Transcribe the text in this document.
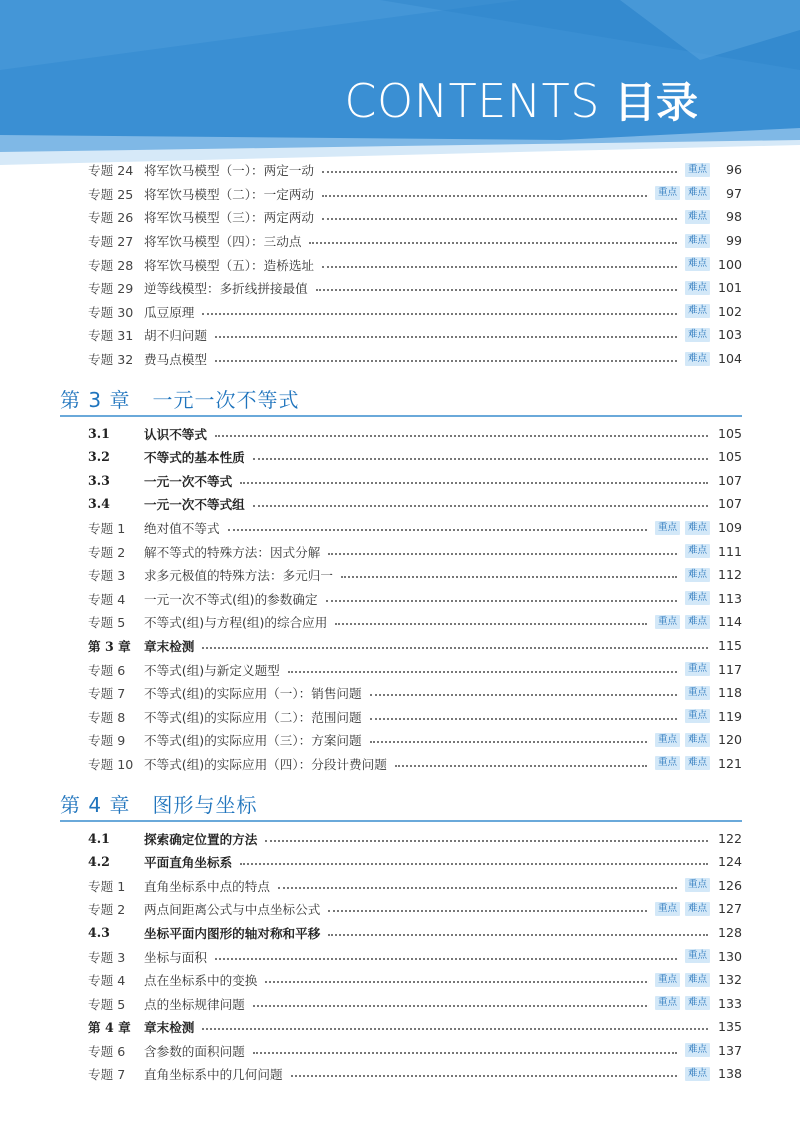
CONTENTS 目录
专题 24 将军饮马模型（一）：两定一动	重点	96
专题 25 将军饮马模型（二）：一定两动	重点	难点	97
专题 26 将军饮马模型（三）：两定两动	难点	98
专题 27 将军饮马模型（四）：三动点	难点	99
专题 28 将军饮马模型（五）：造桥选址	难点 100
专题 29 逆等线模型：多折线拼接最值	难点 101
专题 30 瓜豆原理	难点 102
专题 31 胡不归问题	难点 103
专题 32 费马点模型	难点 104
第 3 章 一元一次不等式
3.1	认识不等式	105
3.2	不等式的基本性质	105
3.3	一元一次不等式	107
3.4	一元一次不等式组	107
专题 1	绝对值不等式	重点	难点 109
专题 2	解不等式的特殊方法：因式分解	难点 111
专题 3	求多元极值的特殊方法：多元归一	难点 112
专题 4	一元一次不等式(组)的参数确定	难点 113
专题 5	不等式(组)与方程(组)的综合应用	重点	难点 114
第 3 章	章末检测	115
专题 6	不等式(组)与新定义题型	重点 117
专题 7	不等式(组)的实际应用（一）：销售问题	重点 118
专题 8	不等式(组)的实际应用（二）：范围问题	重点 119
专题 9	不等式(组)的实际应用（三）：方案问题	重点	难点 120
专题 10 不等式(组)的实际应用（四）：分段计费问题	重点	难点 121
第 4 章 图形与坐标
4.1	探索确定位置的方法	122
4.2	平面直角坐标系	124
专题 1	直角坐标系中点的特点	重点 126
专题 2	两点间距离公式与中点坐标公式	重点	难点 127
4.3	坐标平面内图形的轴对称和平移	128
专题 3	坐标与面积	重点 130
专题 4	点在坐标系中的变换	重点	难点 132
专题 5	点的坐标规律问题	重点	难点 133
第 4 章	章末检测	135
专题 6	含参数的面积问题	难点 137
专题 7	直角坐标系中的几何问题	难点 138
